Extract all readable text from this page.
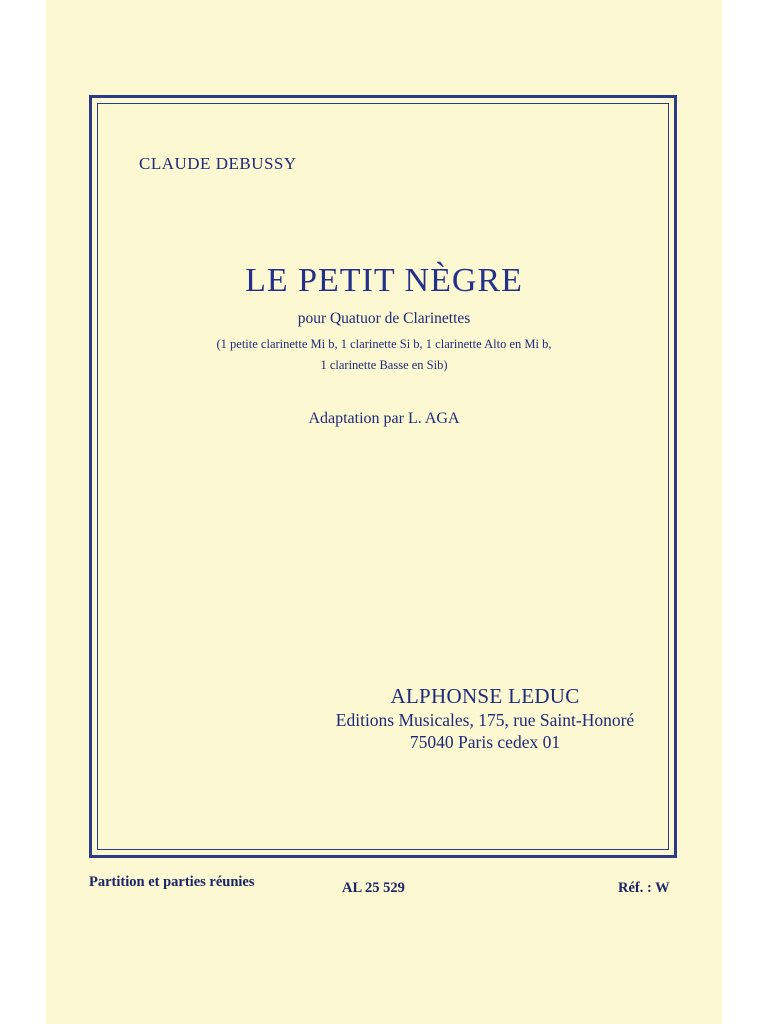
CLAUDE DEBUSSY
LE PETIT NÈGRE
pour Quatuor de Clarinettes
(1 petite clarinette Mi b, 1 clarinette Si b, 1 clarinette Alto en Mi b,
1 clarinette Basse en Sib)
Adaptation par L. AGA
ALPHONSE LEDUC
Editions Musicales, 175, rue Saint-Honoré
75040 Paris cedex 01
Partition et parties réunies	AL 25 529	Réf. : W
